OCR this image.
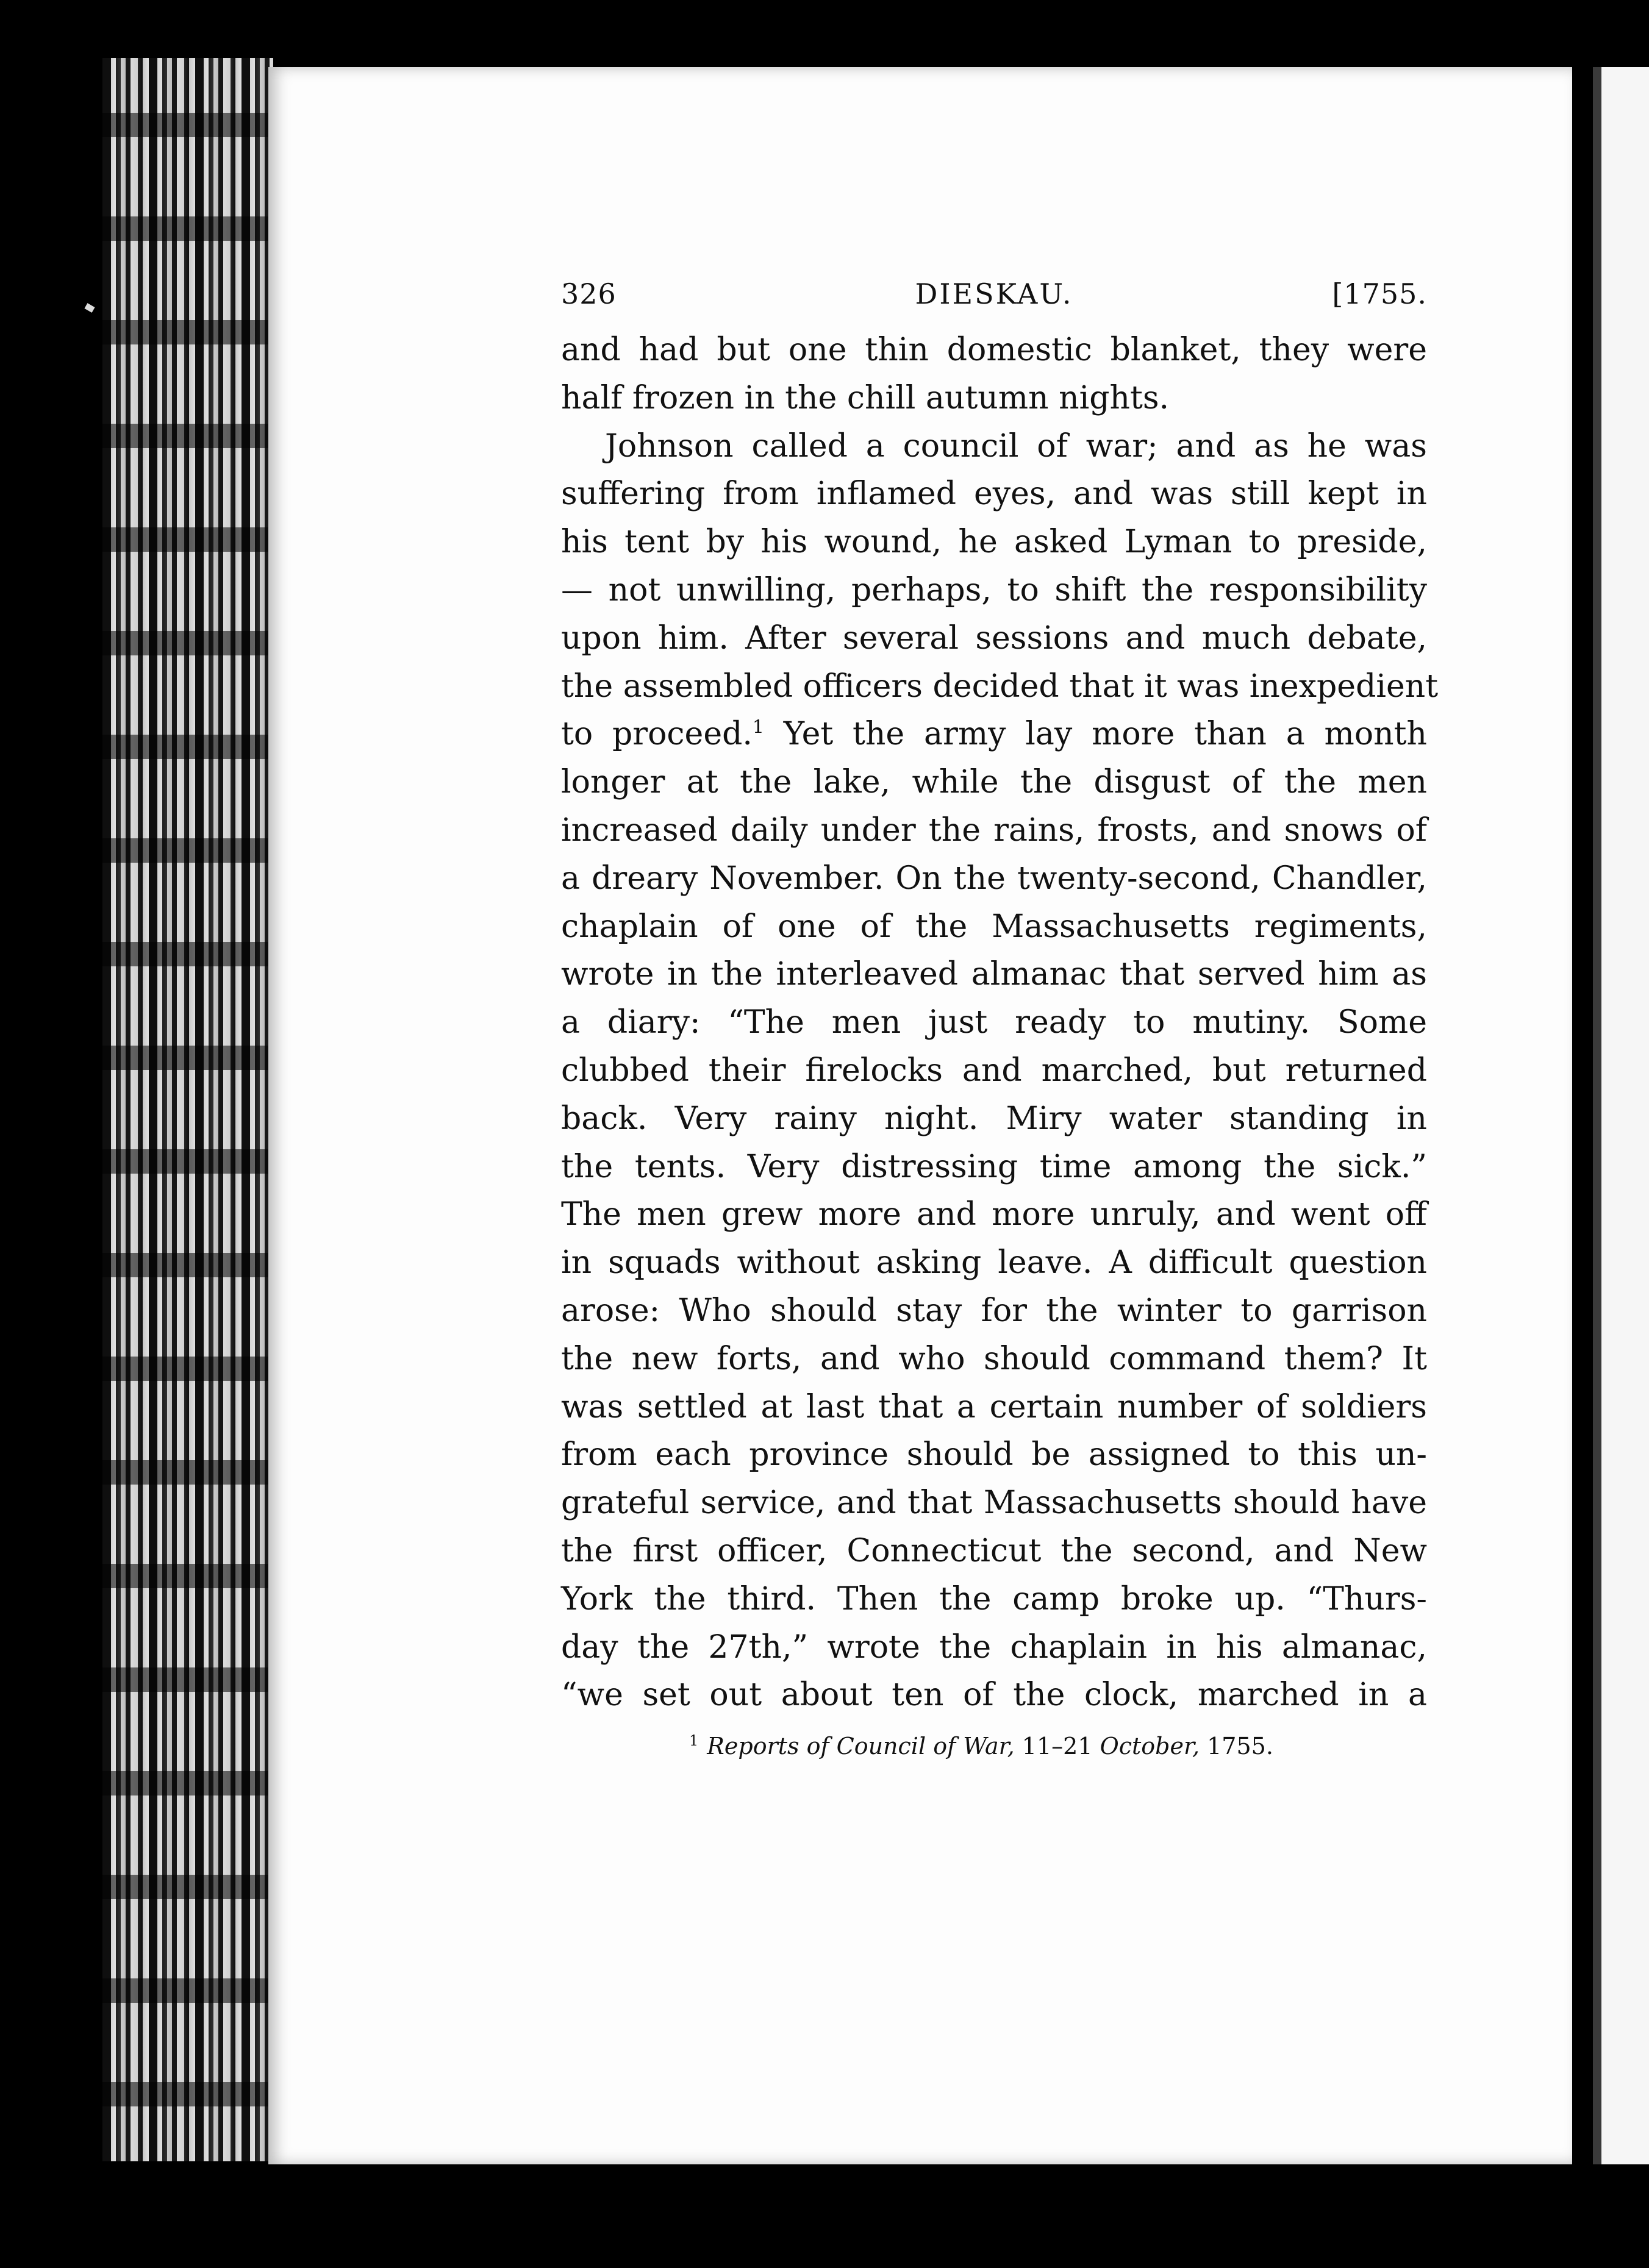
326	DIESKAU.	[1755.
and had but one thin domestic blanket, they were
half frozen in the chill autumn nights.
Johnson called a council of war; and as he was
suffering from inflamed eyes, and was still kept in
his tent by his wound, he asked Lyman to preside,
— not unwilling, perhaps, to shift the responsibility
upon him. After several sessions and much debate,
the assembled officers decided that it was inexpedient
to proceed.$^1$ Yet the army lay more than a month
longer at the lake, while the disgust of the men
increased daily under the rains, frosts, and snows of
a dreary November. On the twenty-second, Chandler,
chaplain of one of the Massachusetts regiments,
wrote in the interleaved almanac that served him as
a diary: “The men just ready to mutiny. Some
clubbed their firelocks and marched, but returned
back. Very rainy night. Miry water standing in
the tents. Very distressing time among the sick.”
The men grew more and more unruly, and went off
in squads without asking leave. A difficult question
arose: Who should stay for the winter to garrison
the new forts, and who should command them? It
was settled at last that a certain number of soldiers
from each province should be assigned to this un-
grateful service, and that Massachusetts should have
the first officer, Connecticut the second, and New
York the third. Then the camp broke up. “Thurs-
day the 27th,” wrote the chaplain in his almanac,
“we set out about ten of the clock, marched in a
$^1$ Reports of Council of War, 11–21 October, 1755.
